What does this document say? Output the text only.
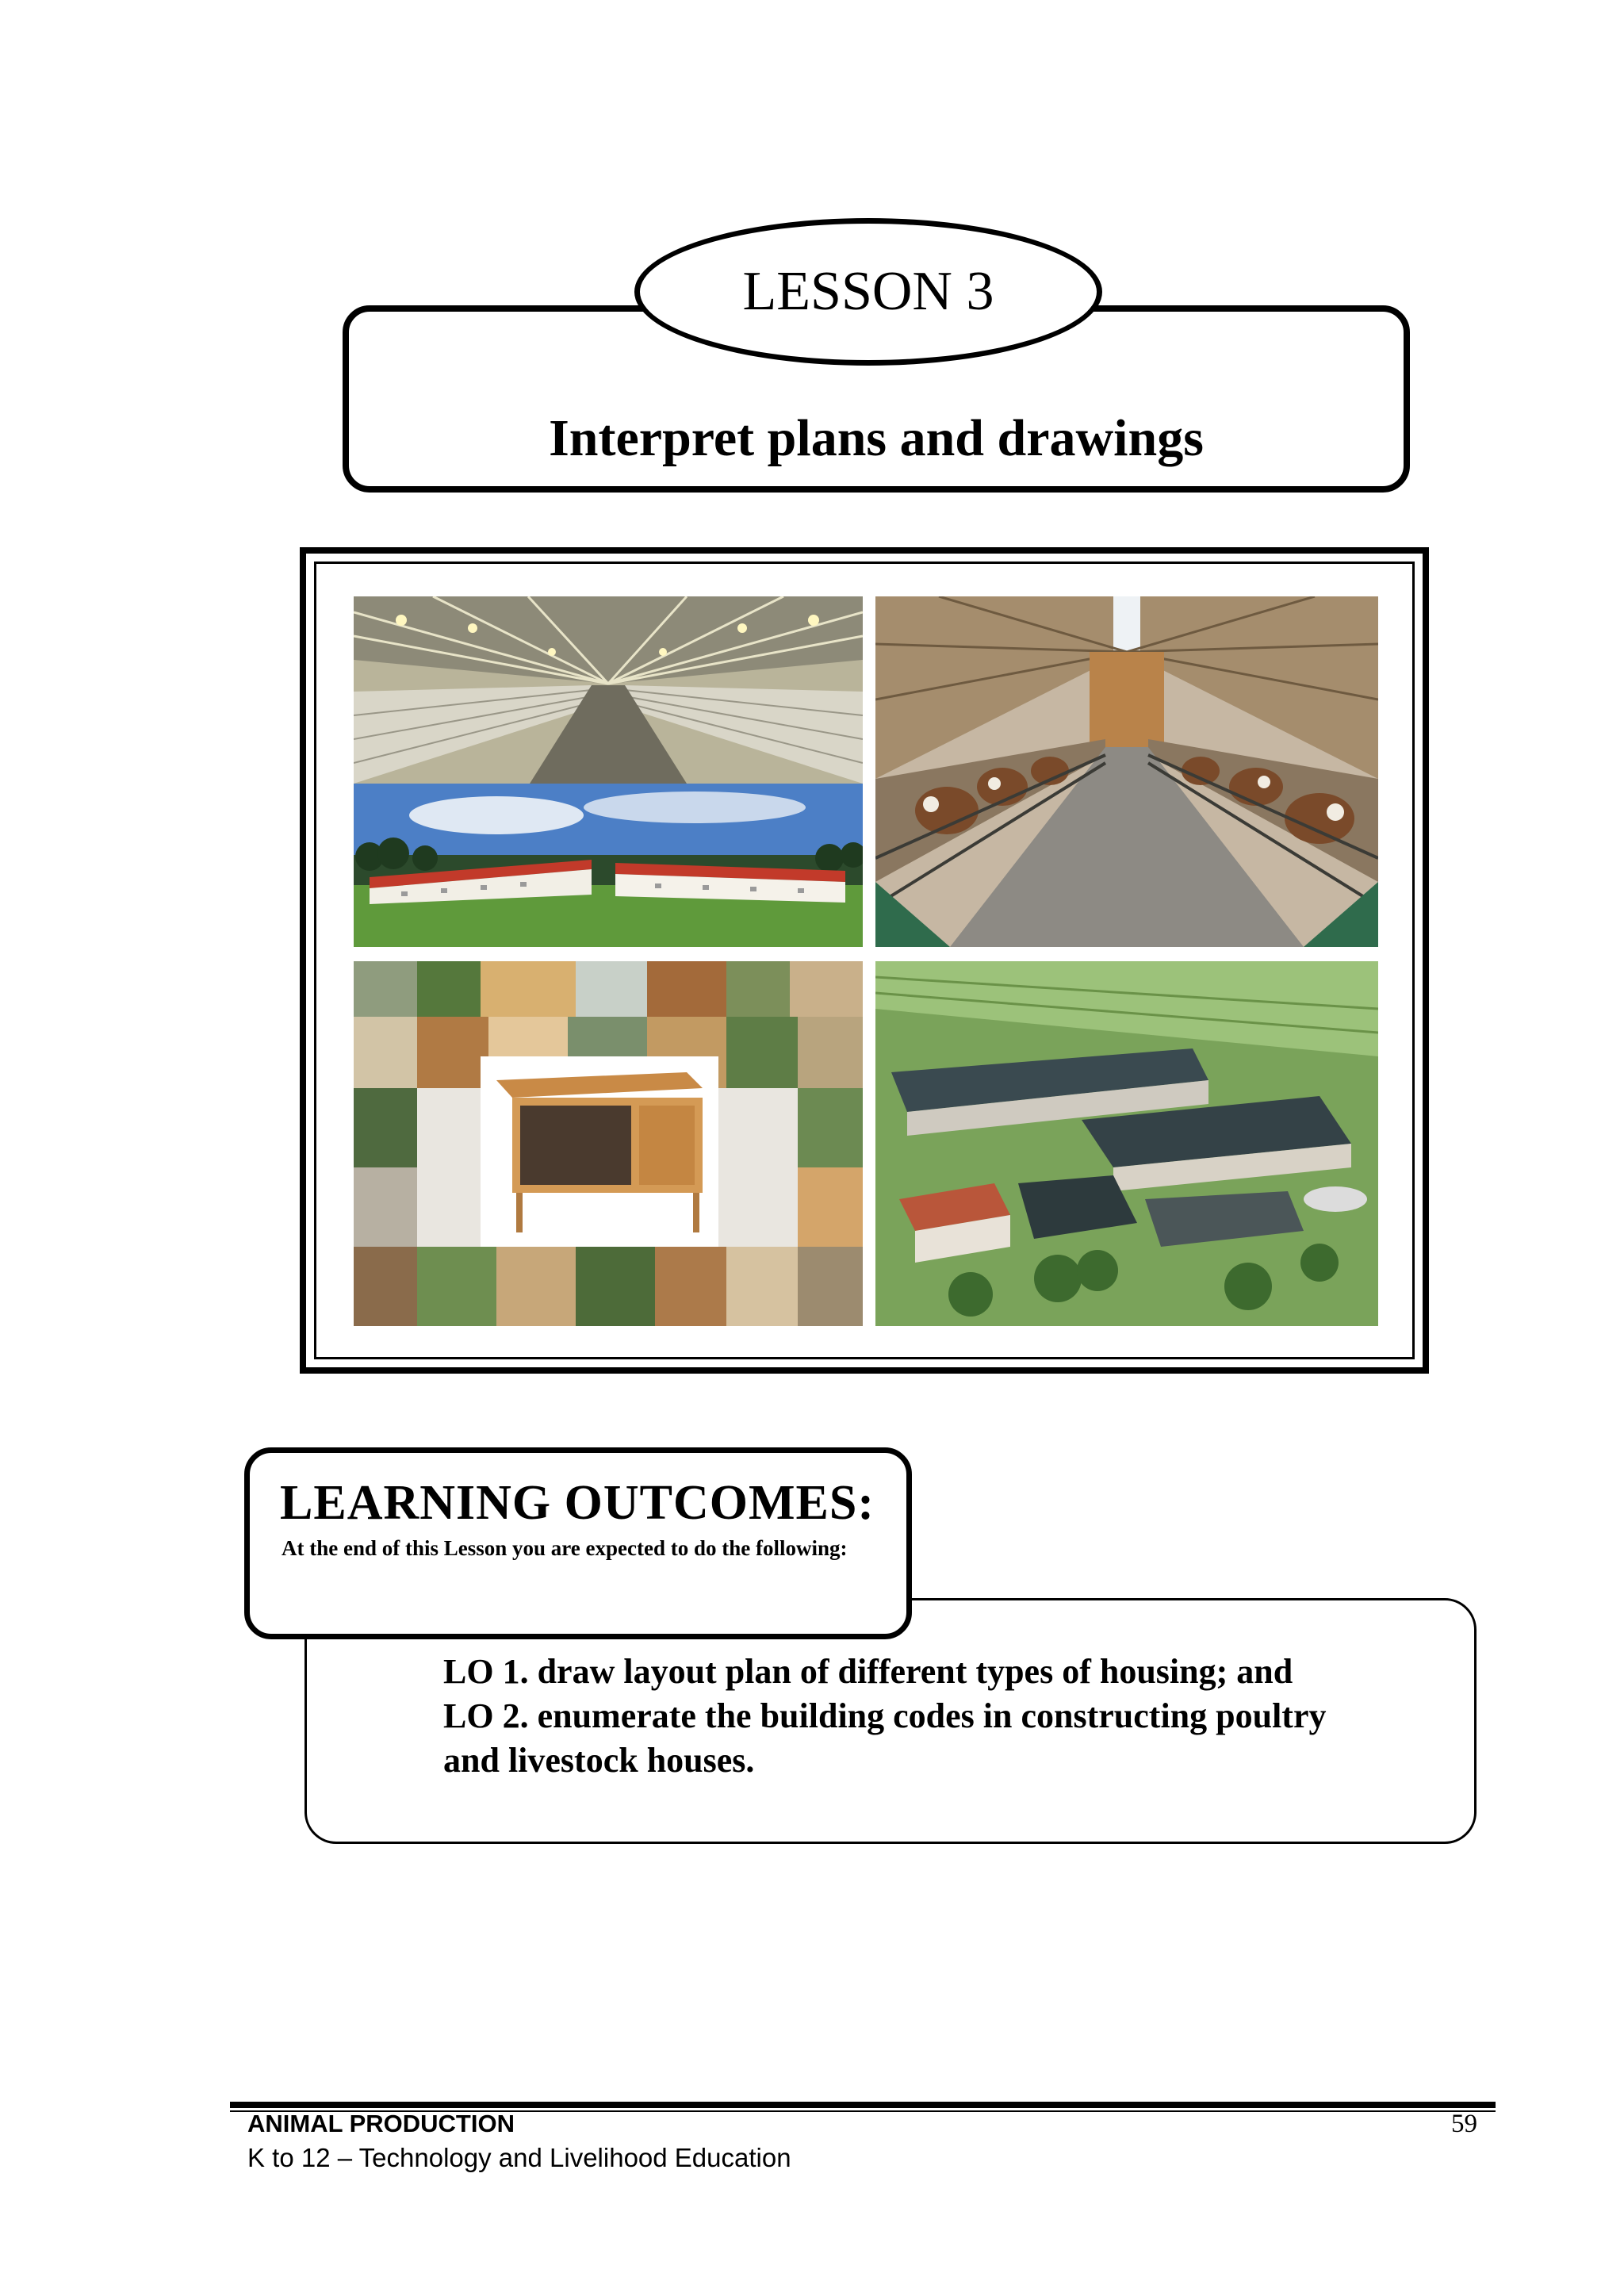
Interpret plans and drawings
LESSON 3
LO 1. draw layout plan of different types of housing; and
LO 2. enumerate the building codes in constructing poultry
and livestock houses.
LEARNING OUTCOMES:
At the end of this Lesson you are expected to do the following:
ANIMAL PRODUCTION
K to 12 – Technology and Livelihood Education
59
